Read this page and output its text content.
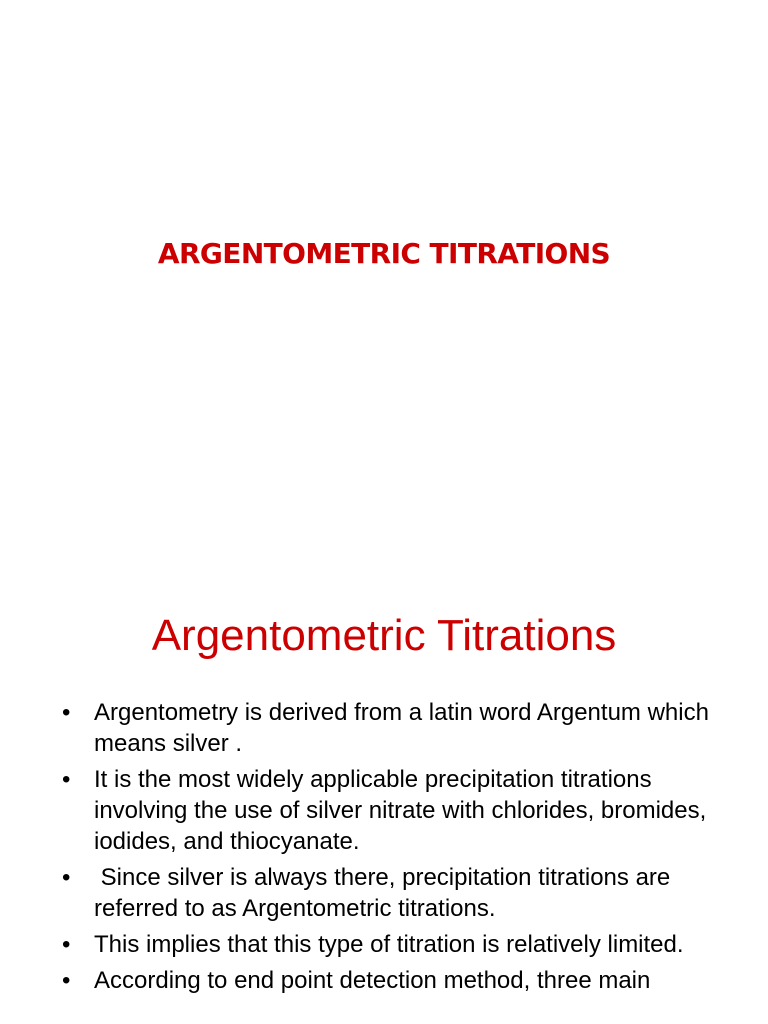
ARGENTOMETRIC TITRATIONS
Argentometric Titrations
• Argentometry is derived from a latin word Argentum which means silver .
• It is the most widely applicable precipitation titrations involving the use of silver nitrate with chlorides, bromides, iodides, and thiocyanate.
• Since silver is always there, precipitation titrations are referred to as Argentometric titrations.
• This implies that this type of titration is relatively limited.
• According to end point detection method, three main
